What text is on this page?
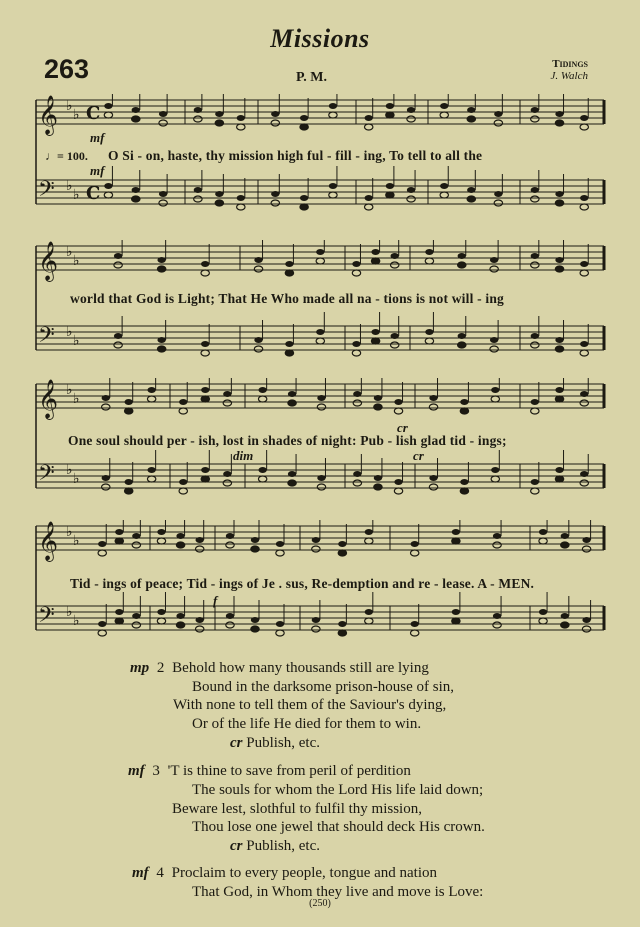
Missions
263	P. M.
Tidings
J. Walch
𝄞 ♭
♭
𝄢 ♭
♭
C
C
mf
♩= 100. O Si - on, haste, thy mission high ful - fill - ing, To tell to all the
mf
𝄞 ♭
♭
𝄢 ♭
♭
world that God is Light; That He Who made all na - tions is not will - ing
𝄞 ♭
♭
𝄢 ♭
♭
cr
One soul should per - ish, lost in shades of night: Pub - lish glad tid - ings;
dim	cr
𝄞 ♭
♭
𝄢 ♭
♭
Tid - ings of peace; Tid - ings of Je . sus, Re-demption and re - lease. A - MEN.
f
mp 2 Behold how many thousands still are lying
Bound in the darksome prison-house of sin,
With none to tell them of the Saviour's dying,
Or of the life He died for them to win.
cr Publish, etc.
mf 3 'T is thine to save from peril of perdition
The souls for whom the Lord His life laid down;
Beware lest, slothful to fulfil thy mission,
Thou lose one jewel that should deck His crown.
cr Publish, etc.
mf 4 Proclaim to every people, tongue and nation
That God, in Whom they live and move is Love:
(250)
